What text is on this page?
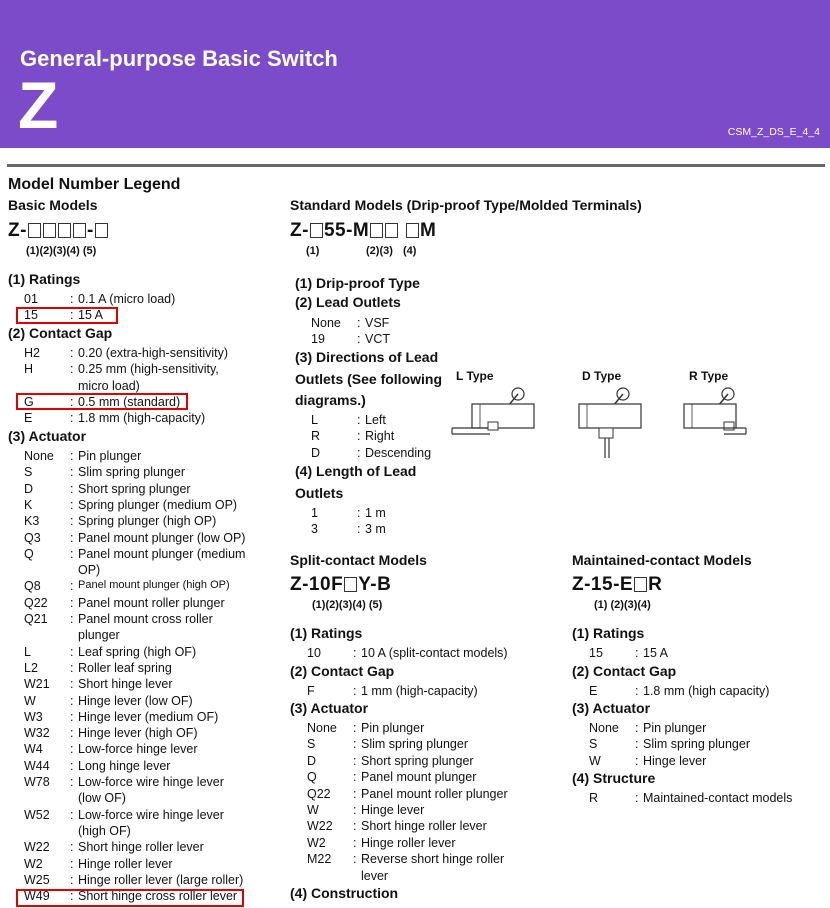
General-purpose Basic Switch
Z	CSM_Z_DS_E_4_4
Model Number Legend
Basic Models
Z-	-
(1)(2)(3)(4) (5)
(1) Ratings
01	: 0.1 A (micro load)
15	: 15 A
(2) Contact Gap
H2 : 0.20 (extra-high-sensitivity)
H	: 0.25 mm (high-sensitivity,
micro load)
G	: 0.5 mm (standard)
E	: 1.8 mm (high-capacity)
(3) Actuator
None : Pin plunger
S	: Slim spring plunger
D	: Short spring plunger
K	: Spring plunger (medium OP)
K3 : Spring plunger (high OP)
Q3 : Panel mount plunger (low OP)
Q	: Panel mount plunger (medium
OP)
Q8 : Panel mount plunger (high OP)
Q22 : Panel mount roller plunger
Q21 : Panel mount cross roller
plunger
L	: Leaf spring (high OF)
L2	: Roller leaf spring
W21 : Short hinge lever
W	: Hinge lever (low OF)
W3 : Hinge lever (medium OF)
W32 : Hinge lever (high OF)
W4 : Low-force hinge lever
W44 : Long hinge lever
W78 : Low-force wire hinge lever
(low OF)
W52 : Low-force wire hinge lever
(high OF)
W22 : Short hinge roller lever
W2 : Hinge roller lever
W25 : Hinge roller lever (large roller)
W49 : Short hinge cross roller lever
Standard Models (Drip-proof Type/Molded Terminals)
Z- 55-M	M
(1)	(2)(3) (4)
(1) Drip-proof Type
(2) Lead Outlets
None : VSF
19	: VCT
(3) Directions of Lead
Outlets (See following
diagrams.)
L	: Left
R	: Right
D	: Descending
(4) Length of Lead
Outlets
1	: 1 m
3	: 3 m
L Type	D Type	R Type
Split-contact Models
Z-10F Y-B
(1)(2)(3)(4) (5)
(1) Ratings
10	: 10 A (split-contact models)
(2) Contact Gap
F	: 1 mm (high-capacity)
(3) Actuator
None : Pin plunger
S	: Slim spring plunger
D	: Short spring plunger
Q	: Panel mount plunger
Q22 : Panel mount roller plunger
W	: Hinge lever
W22 : Short hinge roller lever
W2 : Hinge roller lever
M22 : Reverse short hinge roller
lever
(4) Construction
Maintained-contact Models
Z-15-E R
(1) (2)(3)(4)
(1) Ratings
15	: 15 A
(2) Contact Gap
E	: 1.8 mm (high capacity)
(3) Actuator
None : Pin plunger
S	: Slim spring plunger
W	: Hinge lever
(4) Structure
R	: Maintained-contact models
